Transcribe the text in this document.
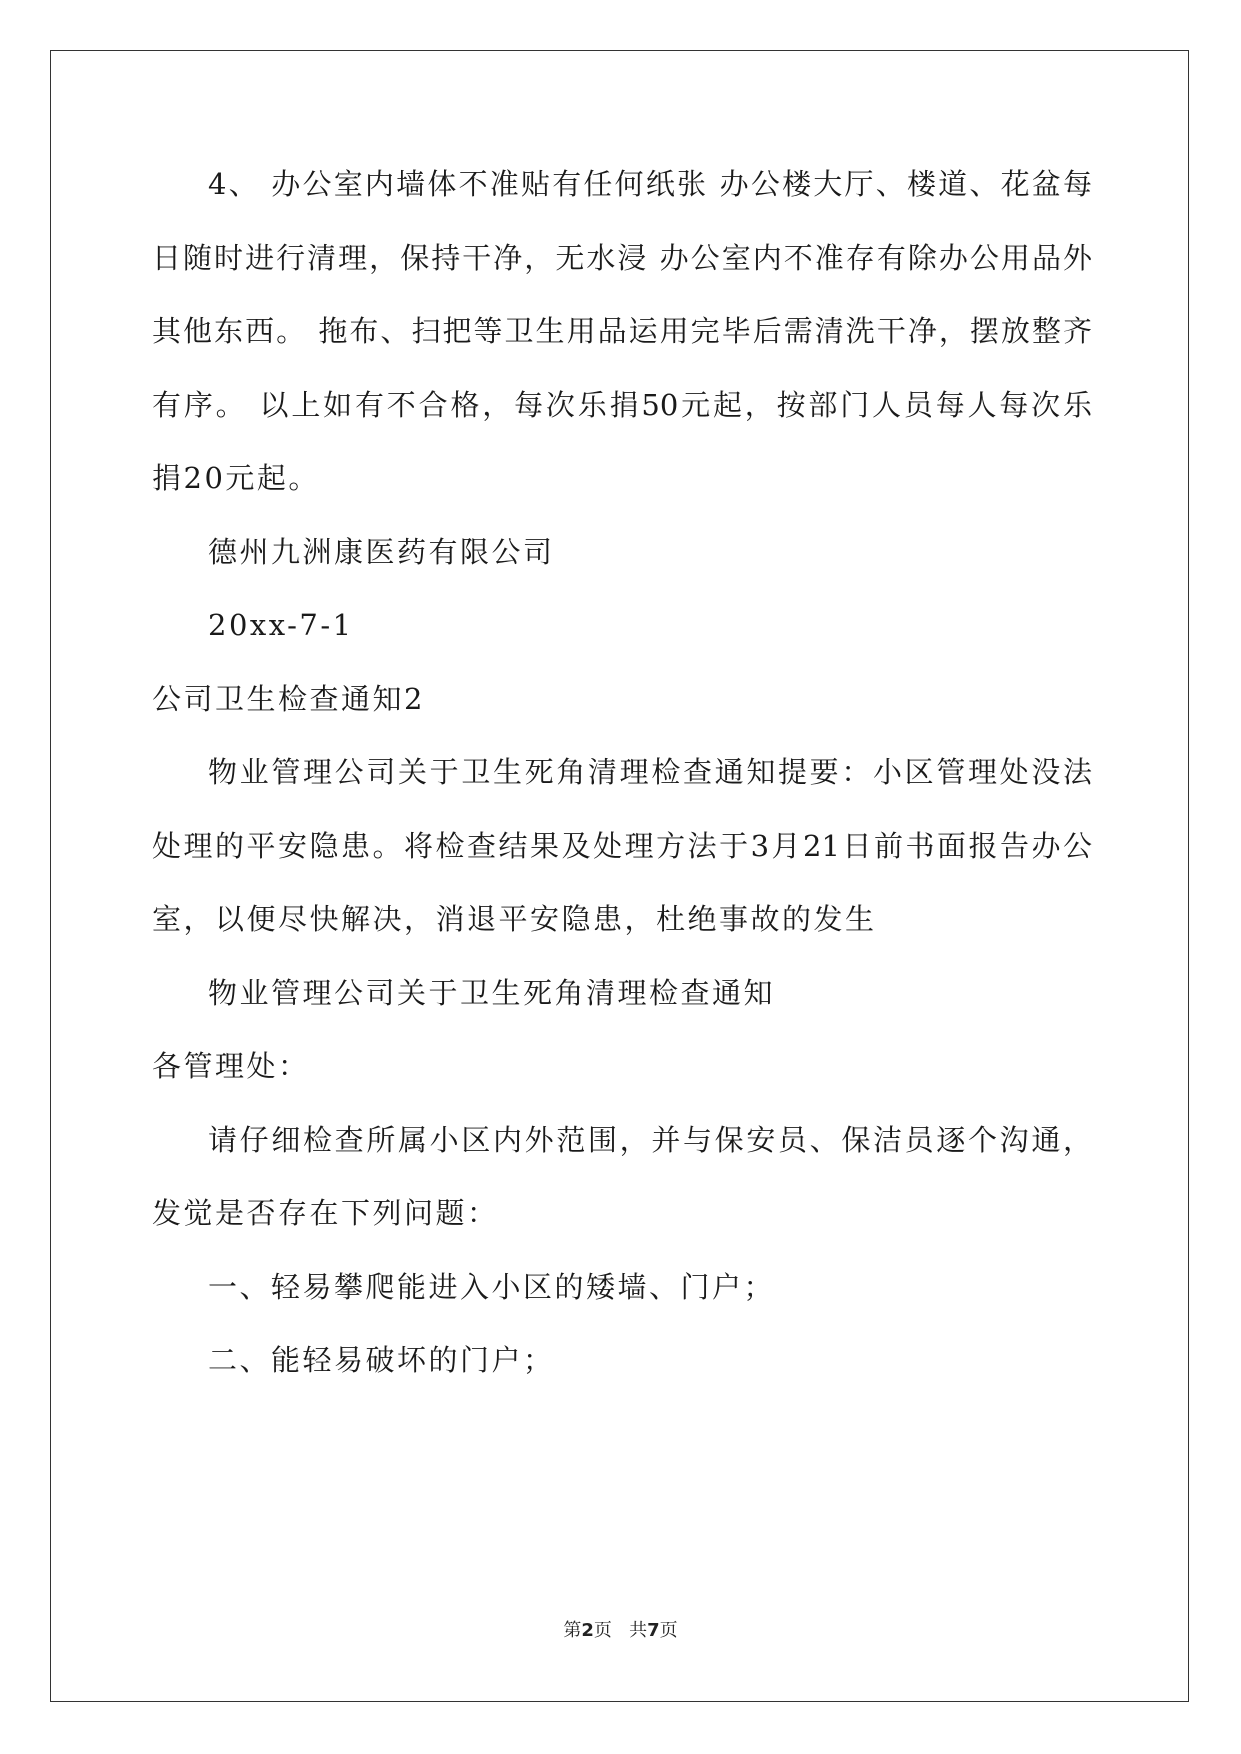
4、 办公室内墙体不准贴有任何纸张 办公楼大厅、楼道、花盆每
日随时进行清理，保持干净，无水浸 办公室内不准存有除办公用品外
其他东西。 拖布、扫把等卫生用品运用完毕后需清洗干净，摆放整齐
有序。 以上如有不合格，每次乐捐50元起，按部门人员每人每次乐
捐20元起。
德州九洲康医药有限公司
20xx-7-1
公司卫生检查通知2
物业管理公司关于卫生死角清理检查通知提要：小区管理处没法
处理的平安隐患。将检查结果及处理方法于3月21日前书面报告办公
室，以便尽快解决，消退平安隐患，杜绝事故的发生
物业管理公司关于卫生死角清理检查通知
各管理处：
请仔细检查所属小区内外范围，并与保安员、保洁员逐个沟通，
发觉是否存在下列问题：
一、轻易攀爬能进入小区的矮墙、门户；
二、能轻易破坏的门户；
第2页 共7页
